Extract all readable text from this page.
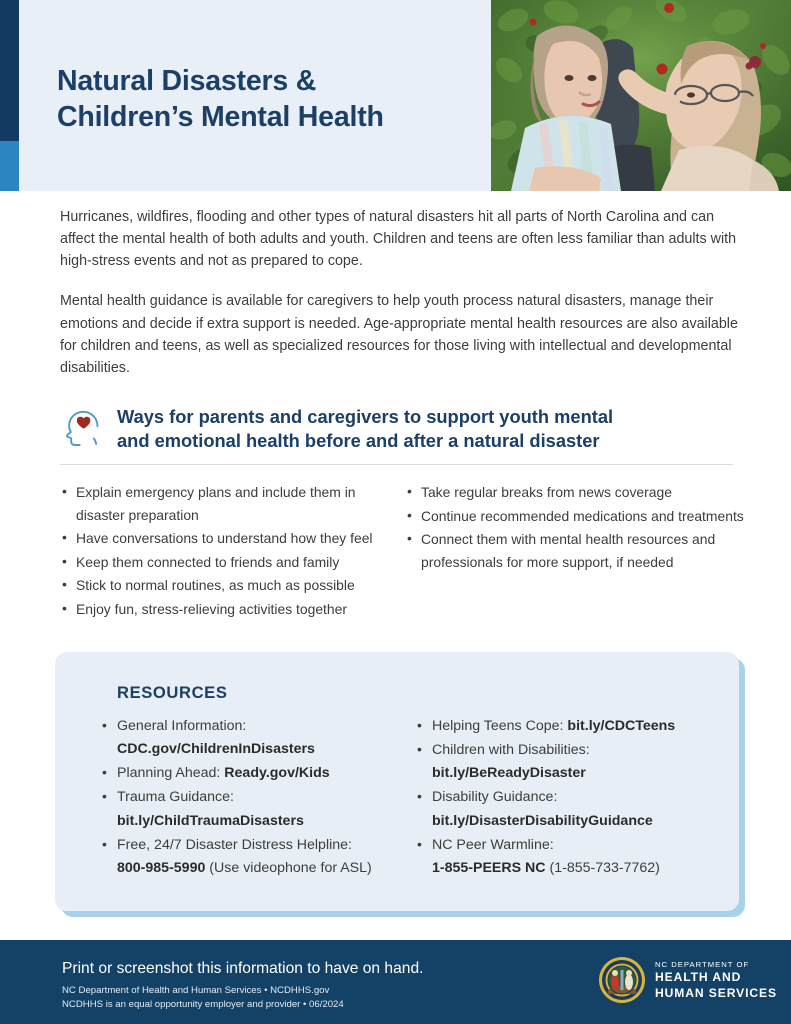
Natural Disasters &
Children’s Mental Health

Hurricanes, wildfires, flooding and other types of natural disasters hit all parts of North Carolina and can affect the mental health of both adults and youth. Children and teens are often less familiar than adults with high-stress events and not as prepared to cope.

Mental health guidance is available for caregivers to help youth process natural disasters, manage their emotions and decide if extra support is needed. Age-appropriate mental health resources are also available for children and teens, as well as specialized resources for those living with intellectual and developmental disabilities.

Ways for parents and caregivers to support youth mental
and emotional health before and after a natural disaster
• Explain emergency plans and include them in disaster preparation
• Have conversations to understand how they feel
• Keep them connected to friends and family
• Stick to normal routines, as much as possible
• Enjoy fun, stress-relieving activities together
• Take regular breaks from news coverage
• Continue recommended medications and treatments
• Connect them with mental health resources and professionals for more support, if needed
RESOURCES
• General Information:
CDC.gov/ChildrenInDisasters
• Planning Ahead: Ready.gov/Kids
• Trauma Guidance:
bit.ly/ChildTraumaDisasters
• Free, 24/7 Disaster Distress Helpline:
800-985-5990 (Use videophone for ASL)
• Helping Teens Cope: bit.ly/CDCTeens
• Children with Disabilities:
bit.ly/BeReadyDisaster
• Disability Guidance:
bit.ly/DisasterDisabilityGuidance
• NC Peer Warmline:
1-855-PEERS NC (1-855-733-7762)
Print or screenshot this information to have on hand.
NC Department of Health and Human Services • NCDHHS.gov
NCDHHS is an equal opportunity employer and provider • 06/2024
NC DEPARTMENT OF
HEALTH AND
HUMAN SERVICES
